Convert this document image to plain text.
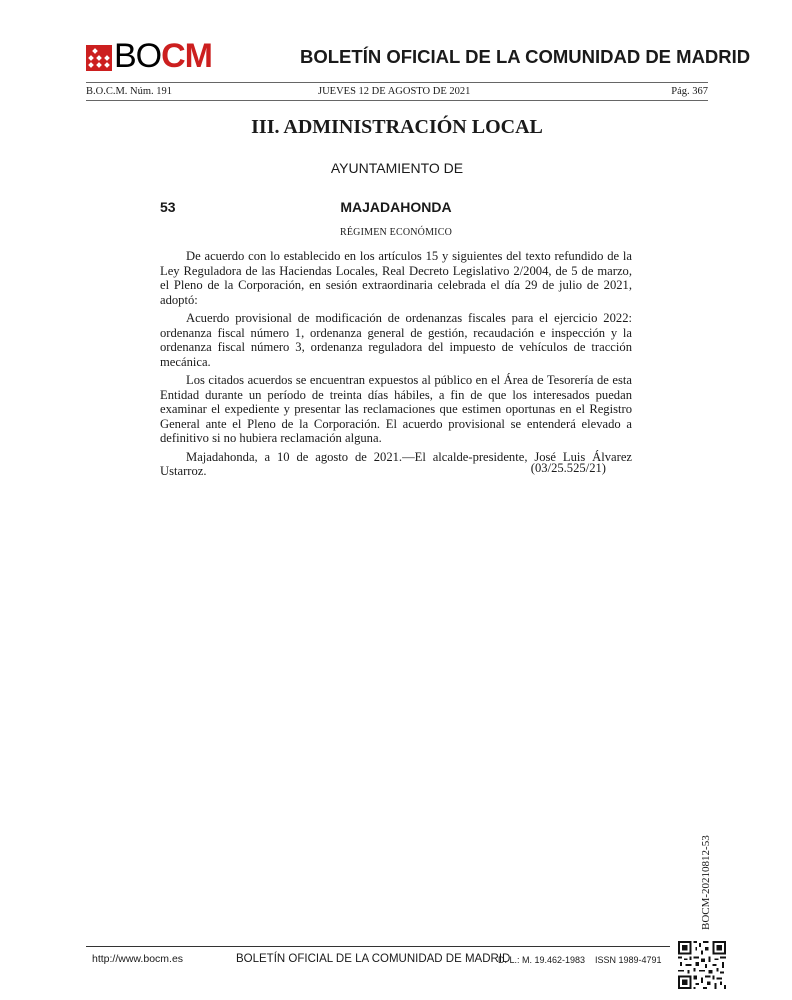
BOCM	BOLETÍN OFICIAL DE LA COMUNIDAD DE MADRID
B.O.C.M. Núm. 191	JUEVES 12 DE AGOSTO DE 2021	Pág. 367
III. ADMINISTRACIÓN LOCAL
AYUNTAMIENTO DE
MAJADAHONDA
53
RÉGIMEN ECONÓMICO

De acuerdo con lo establecido en los artículos 15 y siguientes del texto refundido de la Ley Reguladora de las Haciendas Locales, Real Decreto Legislativo 2/2004, de 5 de marzo, el Pleno de la Corporación, en sesión extraordinaria celebrada el día 29 de julio de 2021, adoptó:

Acuerdo provisional de modificación de ordenanzas fiscales para el ejercicio 2022: ordenanza fiscal número 1, ordenanza general de gestión, recaudación e inspección y la ordenanza fiscal número 3, ordenanza reguladora del impuesto de vehículos de tracción mecánica.

Los citados acuerdos se encuentran expuestos al público en el Área de Tesorería de esta Entidad durante un período de treinta días hábiles, a fin de que los interesados puedan examinar el expediente y presentar las reclamaciones que estimen oportunas en el Registro General ante el Pleno de la Corporación. El acuerdo provisional se entenderá elevado a definitivo si no hubiera reclamación alguna.

Majadahonda, a 10 de agosto de 2021.—El alcalde-presidente, José Luis Álvarez Ustarroz.	(03/25.525/21)
BOCM-20210812-53
http://www.bocm.es	BOLETÍN OFICIAL DE LA COMUNIDAD DE MADRID
D. L.: M. 19.462-1983 ISSN 1989-4791
